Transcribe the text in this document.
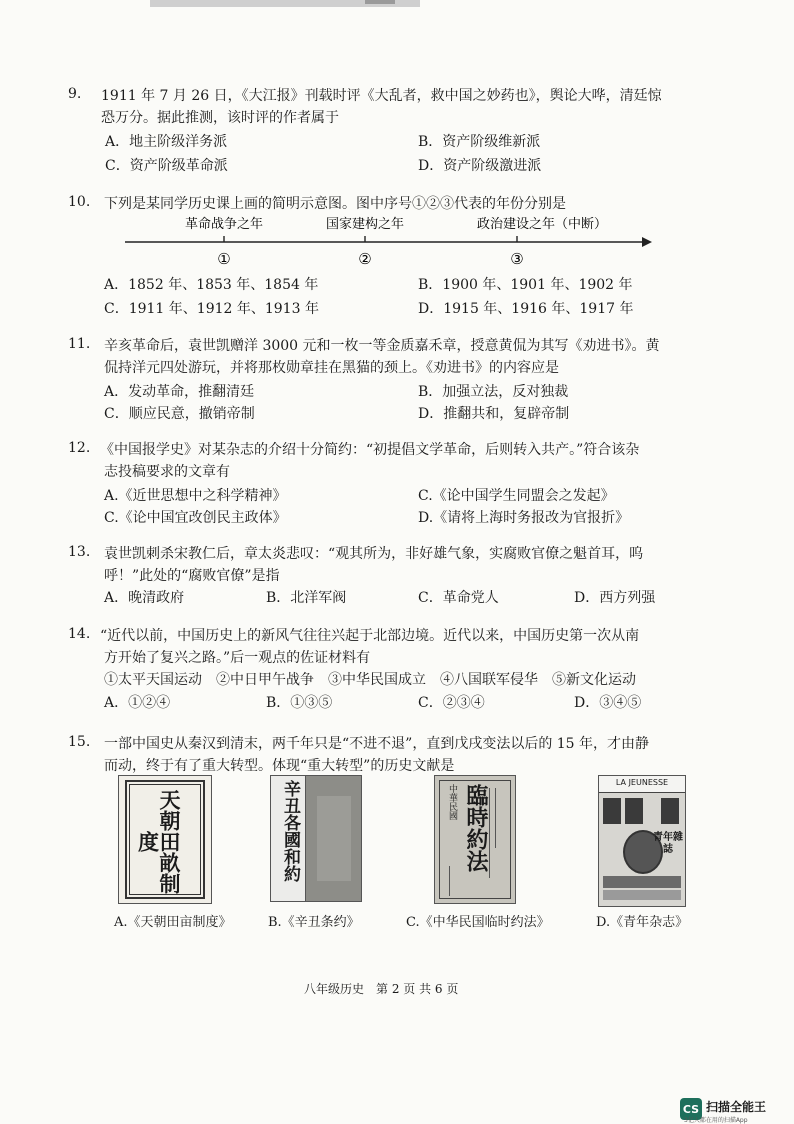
9. 1911 年 7 月 26 日，《大江报》刊载时评《大乱者，救中国之妙药也》，舆论大哗，清廷惊
恐万分。据此推测，该时评的作者属于
A．地主阶级洋务派	B．资产阶级维新派
C．资产阶级革命派	D．资产阶级激进派
10. 下列是某同学历史课上画的简明示意图。图中序号①②③代表的年份分别是
革命战争之年	国家建构之年	政治建设之年（中断）
①	②	③
A．1852 年、1853 年、1854 年	B．1900 年、1901 年、1902 年
C．1911 年、1912 年、1913 年	D．1915 年、1916 年、1917 年
11. 辛亥革命后，袁世凯赠洋 3000 元和一枚一等金质嘉禾章，授意黄侃为其写《劝进书》。黄
侃持洋元四处游玩，并将那枚勋章挂在黑猫的颈上。《劝进书》的内容应是
A．发动革命，推翻清廷	B．加强立法，反对独裁
C．顺应民意，撤销帝制	D．推翻共和，复辟帝制
12. 《中国报学史》对某杂志的介绍十分简约：“初提倡文学革命，后则转入共产。”符合该杂
志投稿要求的文章有
A.《近世思想中之科学精神》	C.《论中国学生同盟会之发起》
C.《论中国宜改创民主政体》	D.《请将上海时务报改为官报折》
13. 袁世凯刺杀宋教仁后，章太炎悲叹：“观其所为，非好雄气象，实腐败官僚之魁首耳，呜
呼！”此处的“腐败官僚”是指
A．晚清政府	B．北洋军阀	C．革命党人	D．西方列强
14. “近代以前，中国历史上的新风气往往兴起于北部边境。近代以来，中国历史第一次从南
方开始了复兴之路。”后一观点的佐证材料有
①太平天国运动　②中日甲午战争　③中华民国成立　④八国联军侵华　⑤新文化运动
A．①②④	B．①③⑤	C．②③④	D．③④⑤
15. 一部中国史从秦汉到清末，两千年只是“不进不退”，直到戊戌变法以后的 15 年，才由静
而动，终于有了重大转型。体现“重大转型”的历史文献是
天朝田畝制度	辛丑各國和約	中華民國 臨時約法
LA JEUNESSE
青年雜誌
A.《天朝田亩制度》	B.《辛丑条约》	C.《中华民国临时约法》	D.《青年杂志》
八年级历史　第 2 页 共 6 页
CS 扫描全能王
3亿人都在用的扫描App
